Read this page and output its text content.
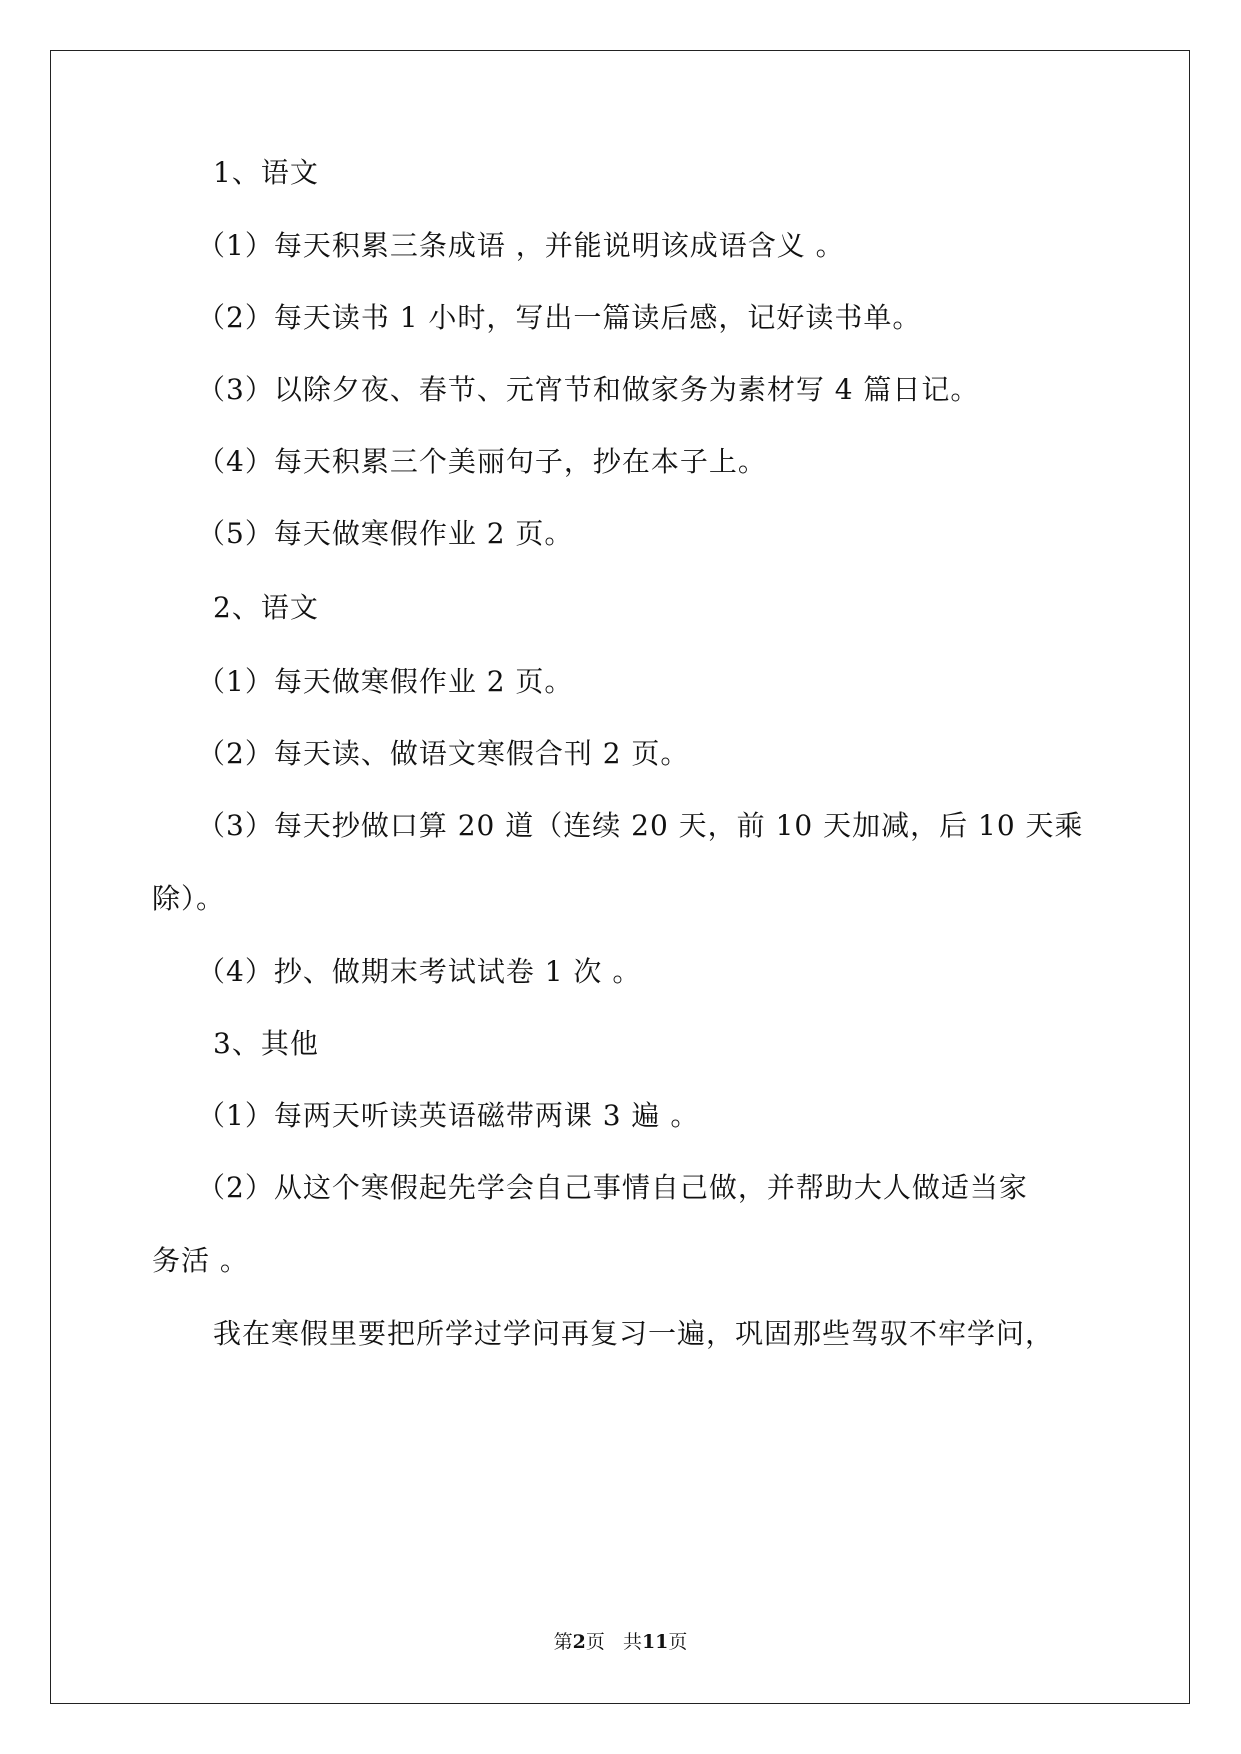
1、语文
（1）每天积累三条成语 ，并能说明该成语含义 。
（2）每天读书 1 小时，写出一篇读后感，记好读书单。
（3）以除夕夜、春节、元宵节和做家务为素材写 4 篇日记。
（4）每天积累三个美丽句子，抄在本子上。
（5）每天做寒假作业 2 页。
2、语文
（1）每天做寒假作业 2 页。
（2）每天读、做语文寒假合刊 2 页。
（3）每天抄做口算 20 道（连续 20 天，前 10 天加减，后 10 天乘
除）。
（4）抄、做期末考试试卷 1 次 。
3、其他
（1）每两天听读英语磁带两课 3 遍 。
（2）从这个寒假起先学会自己事情自己做，并帮助大人做适当家
务活 。
我在寒假里要把所学过学问再复习一遍，巩固那些驾驭不牢学问，
第2页   共11页
